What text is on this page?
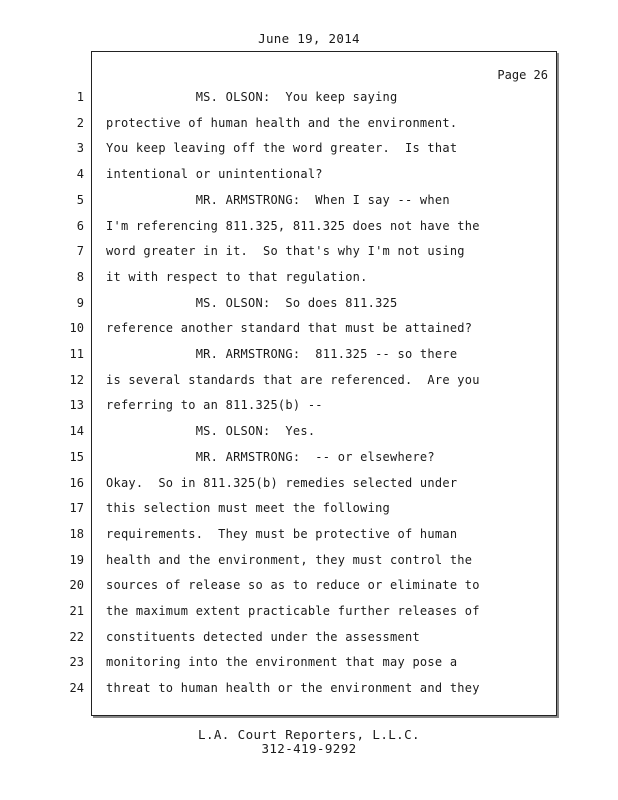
June 19, 2014
Page 26
1 MS. OLSON:  You keep saying
2 protective of human health and the environment.
3 You keep leaving off the word greater.  Is that
4 intentional or unintentional?
5 MR. ARMSTRONG:  When I say -- when
6 I'm referencing 811.325, 811.325 does not have the
7 word greater in it.  So that's why I'm not using
8 it with respect to that regulation.
9 MS. OLSON:  So does 811.325
10 reference another standard that must be attained?
11 MR. ARMSTRONG:  811.325 -- so there
12 is several standards that are referenced.  Are you
13 referring to an 811.325(b) --
14 MS. OLSON:  Yes.
15 MR. ARMSTRONG:  -- or elsewhere?
16 Okay.  So in 811.325(b) remedies selected under
17 this selection must meet the following
18 requirements.  They must be protective of human
19 health and the environment, they must control the
20 sources of release so as to reduce or eliminate to
21 the maximum extent practicable further releases of
22 constituents detected under the assessment
23 monitoring into the environment that may pose a
24 threat to human health or the environment and they
L.A. Court Reporters, L.L.C.
312-419-9292
